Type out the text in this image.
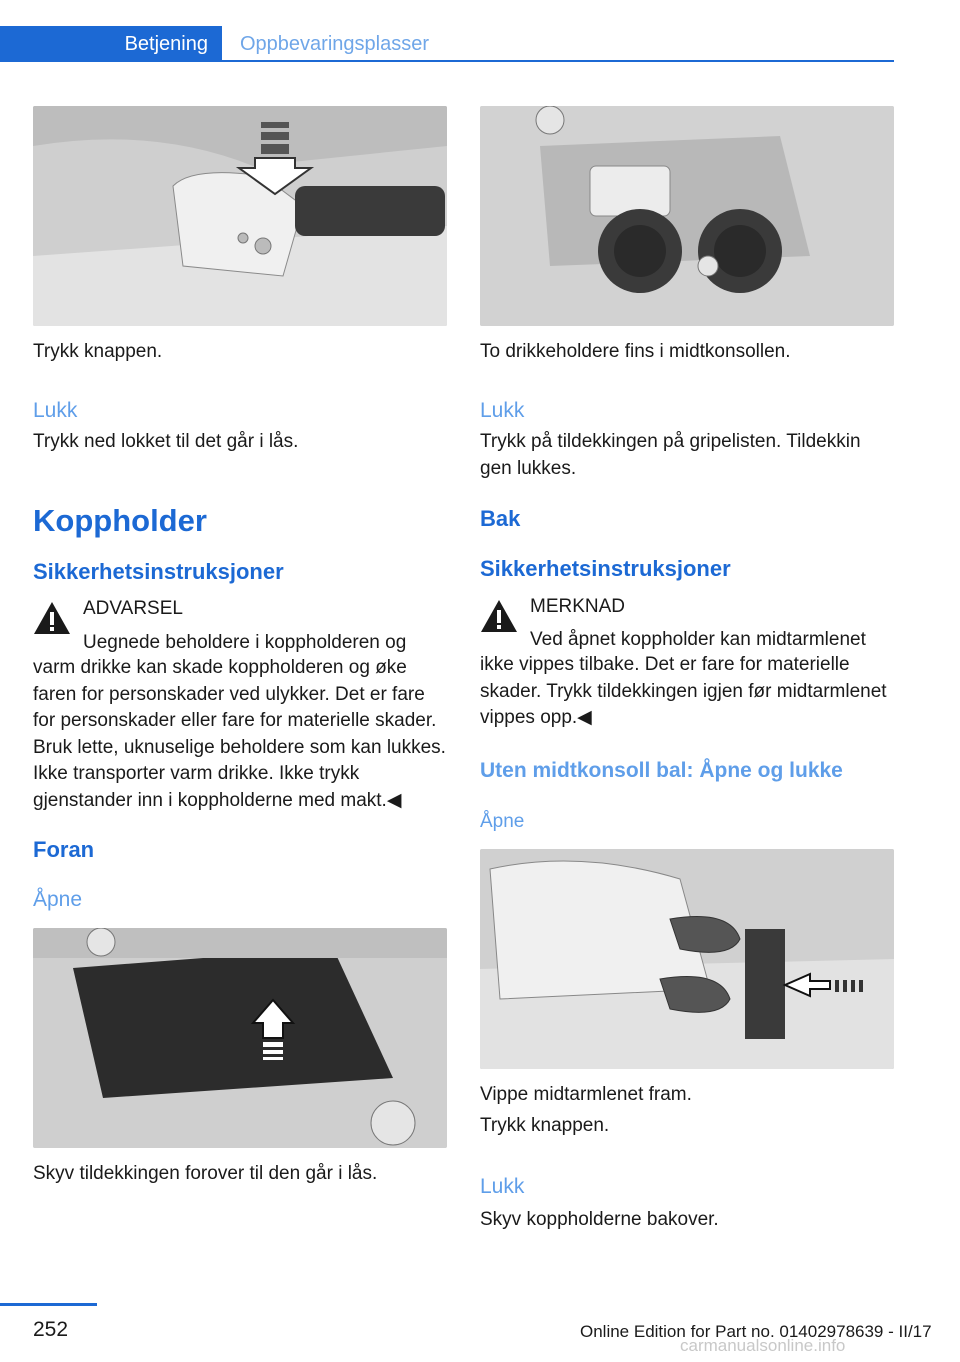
Betjening	Oppbevaringsplasser
Trykk knappen.
Lukk
Trykk ned lokket til det går i lås.
Koppholder
Sikkerhetsinstruksjoner
ADVARSEL
Uegnede beholdere i koppholderen og
varm drikke kan skade koppholderen og øke faren for personskader ved ulykker. Det er fare for personskader eller fare for materielle skader. Bruk lette, uknuselige beholdere som kan lukkes. Ikke transporter varm drikke. Ikke trykk gjenstander inn i koppholderne med makt.◀
Foran
Åpne
Skyv tildekkingen forover til den går i lås.
To drikkeholdere fins i midtkonsollen.
Lukk
Trykk på tildekkingen på gripelisten. Tildekkin
gen lukkes.
Bak
Sikkerhetsinstruksjoner
MERKNAD
Ved åpnet koppholder kan midtarmlenet
ikke vippes tilbake. Det er fare for materielle skader. Trykk tildekkingen igjen før midtarmlenet vippes opp.◀
Uten midtkonsoll bal: Åpne og lukke
Åpne
Vippe midtarmlenet fram.
Trykk knappen.
Lukk
Skyv koppholderne bakover.
252	Online Edition for Part no. 01402978639 - II/17
carmanualsonline.info
